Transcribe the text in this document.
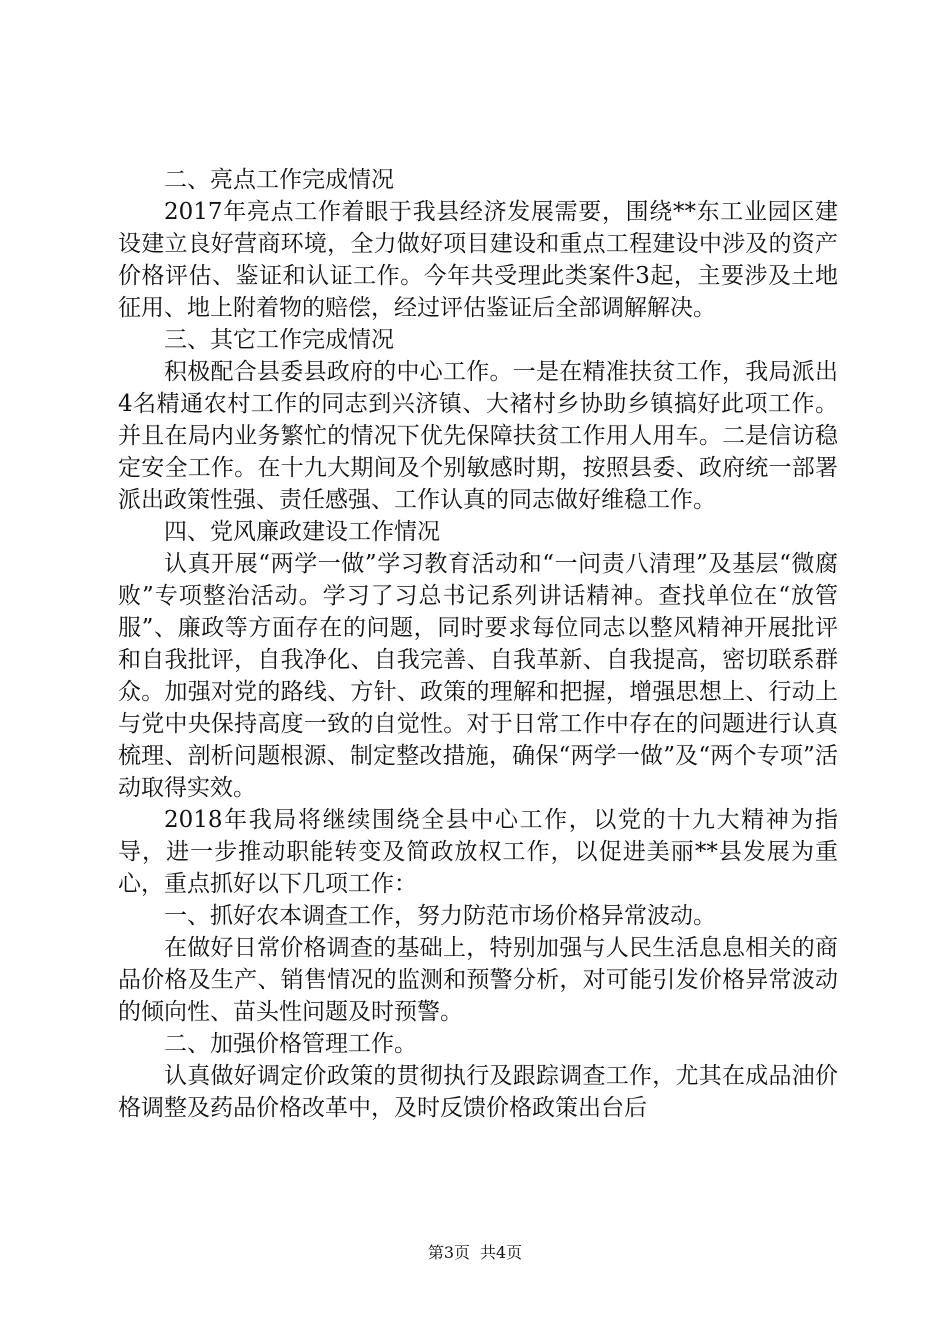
二、亮点工作完成情况

2017年亮点工作着眼于我县经济发展需要，围绕**东工业园区建设建立良好营商环境，全力做好项目建设和重点工程建设中涉及的资产价格评估、鉴证和认证工作。今年共受理此类案件3起，主要涉及土地征用、地上附着物的赔偿，经过评估鉴证后全部调解解决。

三、其它工作完成情况

积极配合县委县政府的中心工作。一是在精准扶贫工作，我局派出4名精通农村工作的同志到兴济镇、大褚村乡协助乡镇搞好此项工作。并且在局内业务繁忙的情况下优先保障扶贫工作用人用车。二是信访稳定安全工作。在十九大期间及个别敏感时期，按照县委、政府统一部署派出政策性强、责任感强、工作认真的同志做好维稳工作。

四、党风廉政建设工作情况

认真开展“两学一做”学习教育活动和“一问责八清理”及基层“微腐败”专项整治活动。学习了习总书记系列讲话精神。查找单位在“放管服”、廉政等方面存在的问题，同时要求每位同志以整风精神开展批评和自我批评，自我净化、自我完善、自我革新、自我提高，密切联系群众。加强对党的路线、方针、政策的理解和把握，增强思想上、行动上与党中央保持高度一致的自觉性。对于日常工作中存在的问题进行认真梳理、剖析问题根源、制定整改措施，确保“两学一做”及“两个专项”活动取得实效。

2018年我局将继续围绕全县中心工作，以党的十九大精神为指导，进一步推动职能转变及简政放权工作，以促进美丽**县发展为重心，重点抓好以下几项工作：

一、抓好农本调查工作，努力防范市场价格异常波动。

在做好日常价格调查的基础上，特别加强与人民生活息息相关的商品价格及生产、销售情况的监测和预警分析，对可能引发价格异常波动的倾向性、苗头性问题及时预警。

二、加强价格管理工作。

认真做好调定价政策的贯彻执行及跟踪调查工作，尤其在成品油价格调整及药品价格改革中，及时反馈价格政策出台后

第3页 共4页
